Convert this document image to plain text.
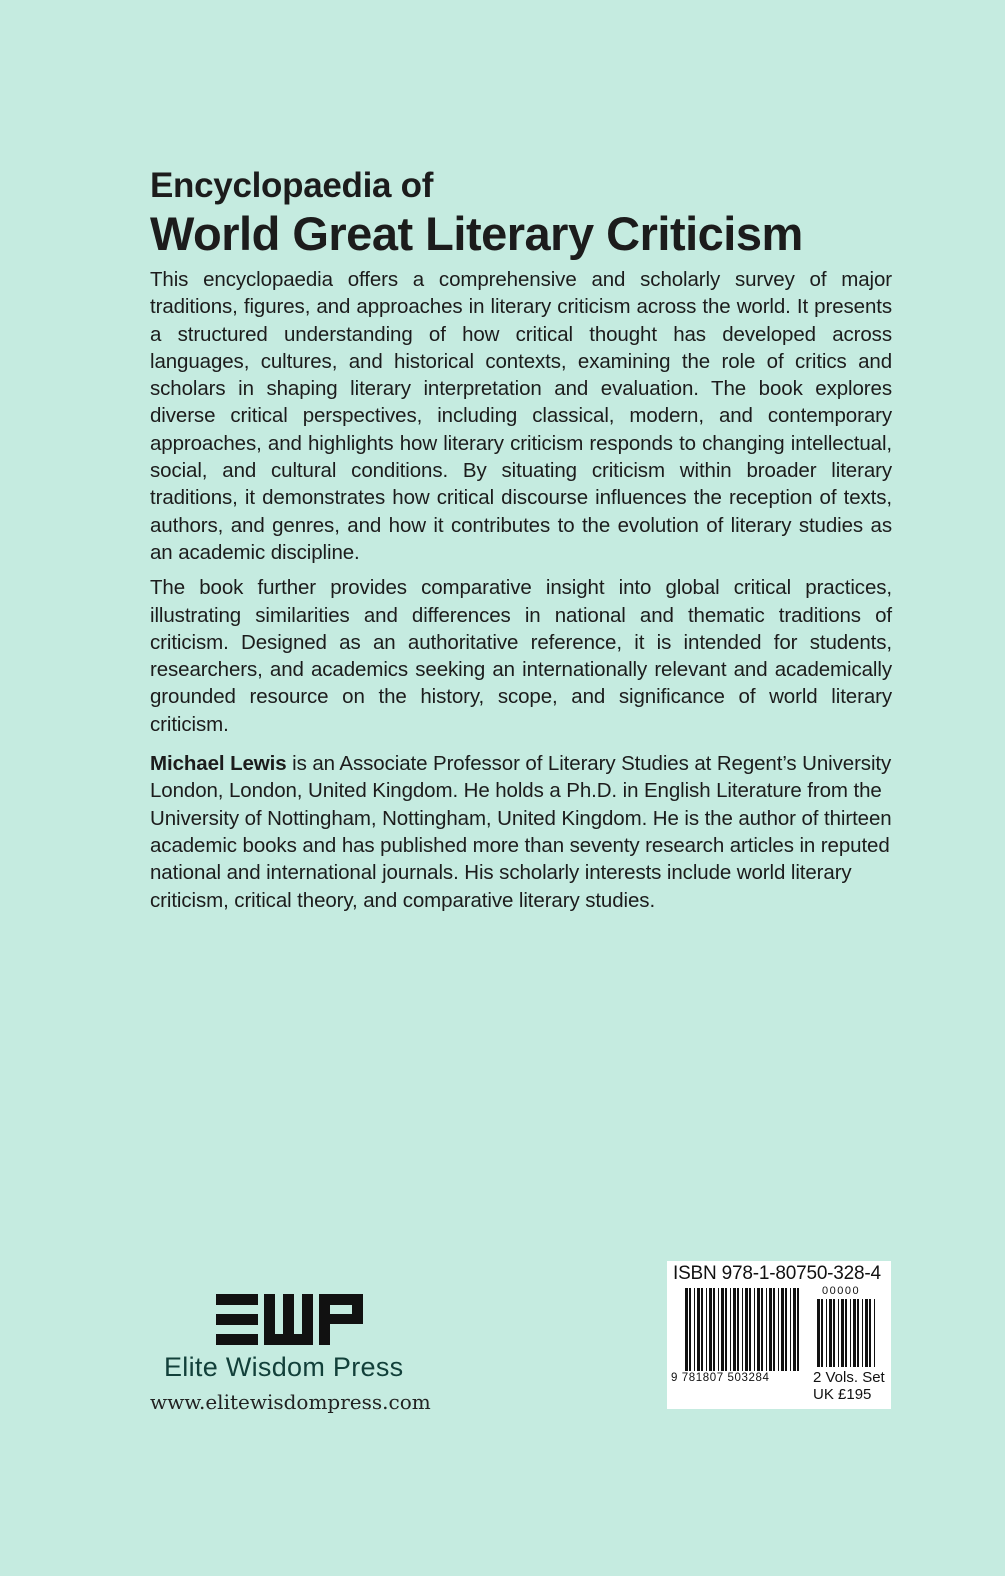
Encyclopaedia of
World Great Literary Criticism

This encyclopaedia offers a comprehensive and scholarly survey of major traditions, figures, and approaches in literary criticism across the world. It presents a structured understanding of how critical thought has developed across languages, cultures, and historical contexts, examining the role of critics and scholars in shaping literary interpretation and evaluation. The book explores diverse critical perspectives, including classical, modern, and contemporary approaches, and highlights how literary criticism responds to changing intellectual, social, and cultural conditions. By situating criticism within broader literary traditions, it demonstrates how critical discourse influences the reception of texts, authors, and genres, and how it contributes to the evolution of literary studies as an academic discipline.

The book further provides comparative insight into global critical practices, illustrating similarities and differences in national and thematic traditions of criticism. Designed as an authoritative reference, it is intended for students, researchers, and academics seeking an internationally relevant and academically grounded resource on the history, scope, and significance of world literary criticism.

Michael Lewis is an Associate Professor of Literary Studies at Regent’s University London, London, United Kingdom. He holds a Ph.D. in English Literature from the University of Nottingham, Nottingham, United Kingdom. He is the author of thirteen academic books and has published more than seventy research articles in reputed national and international journals. His scholarly interests include world literary criticism, critical theory, and comparative literary studies.

Elite Wisdom Press
www.elitewisdompress.com
ISBN 978-1-80750-328-4
00000
9 781807 503284	2 Vols. Set
UK £195
